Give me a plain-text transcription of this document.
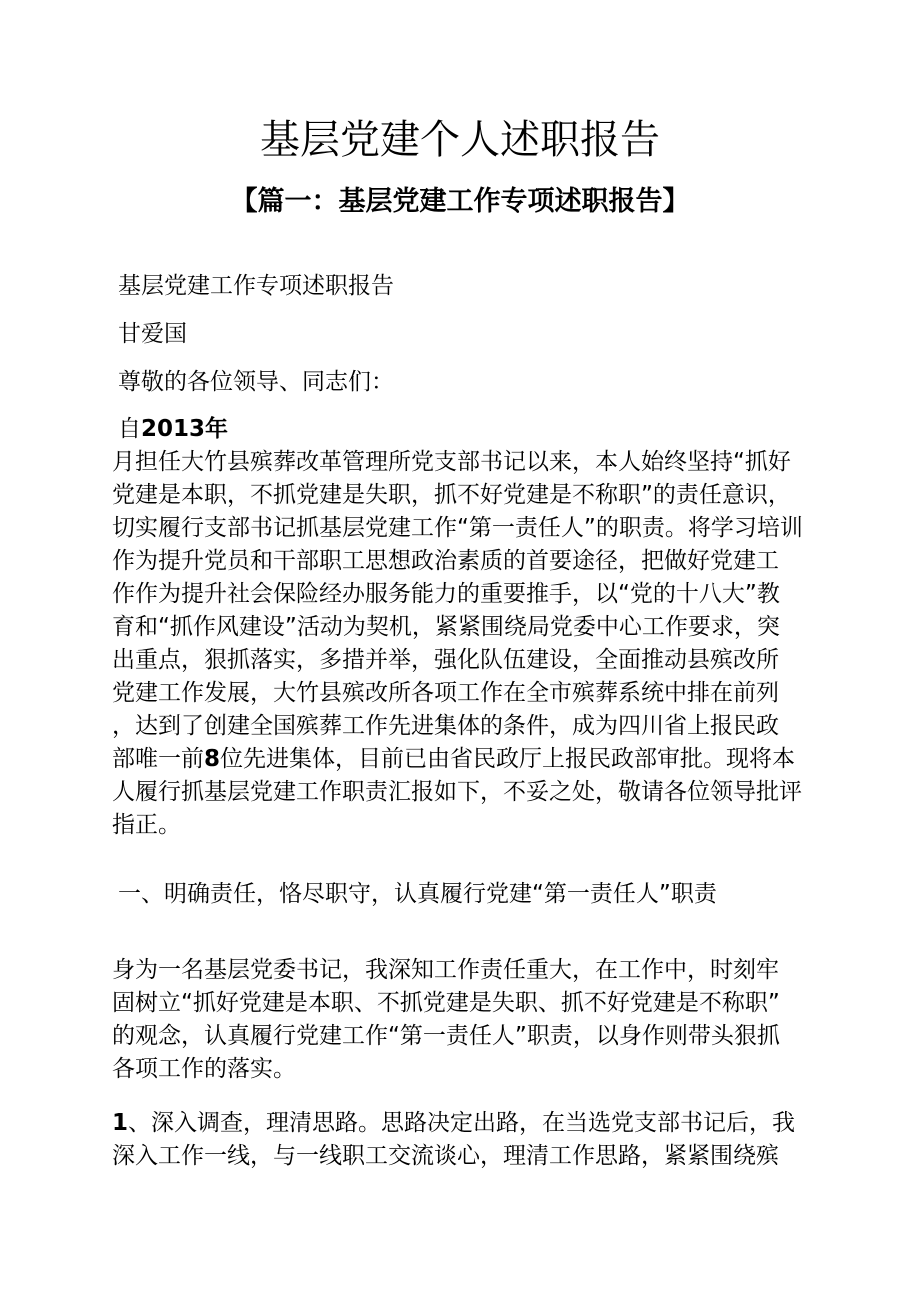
基层党建个人述职报告
【篇一：基层党建工作专项述职报告】

基层党建工作专项述职报告

甘爱国

尊敬的各位领导、同志们：

自2013年

月担任大竹县殡葬改革管理所党支部书记以来，本人始终坚持“抓好
党建是本职，不抓党建是失职，抓不好党建是不称职”的责任意识，
切实履行支部书记抓基层党建工作“第一责任人”的职责。将学习培训
作为提升党员和干部职工思想政治素质的首要途径，把做好党建工
作作为提升社会保险经办服务能力的重要推手，以“党的十八大”教
育和“抓作风建设”活动为契机，紧紧围绕局党委中心工作要求，突
出重点，狠抓落实，多措并举，强化队伍建设，全面推动县殡改所
党建工作发展，大竹县殡改所各项工作在全市殡葬系统中排在前列
，达到了创建全国殡葬工作先进集体的条件，成为四川省上报民政
部唯一前8位先进集体，目前已由省民政厅上报民政部审批。现将本
人履行抓基层党建工作职责汇报如下，不妥之处，敬请各位领导批评
指正。

一、明确责任，恪尽职守，认真履行党建“第一责任人”职责

身为一名基层党委书记，我深知工作责任重大，在工作中，时刻牢
固树立“抓好党建是本职、不抓党建是失职、抓不好党建是不称职”
的观念，认真履行党建工作“第一责任人”职责，以身作则带头狠抓
各项工作的落实。
1、深入调查，理清思路。思路决定出路，在当选党支部书记后，我
深入工作一线，与一线职工交流谈心，理清工作思路，紧紧围绕殡
